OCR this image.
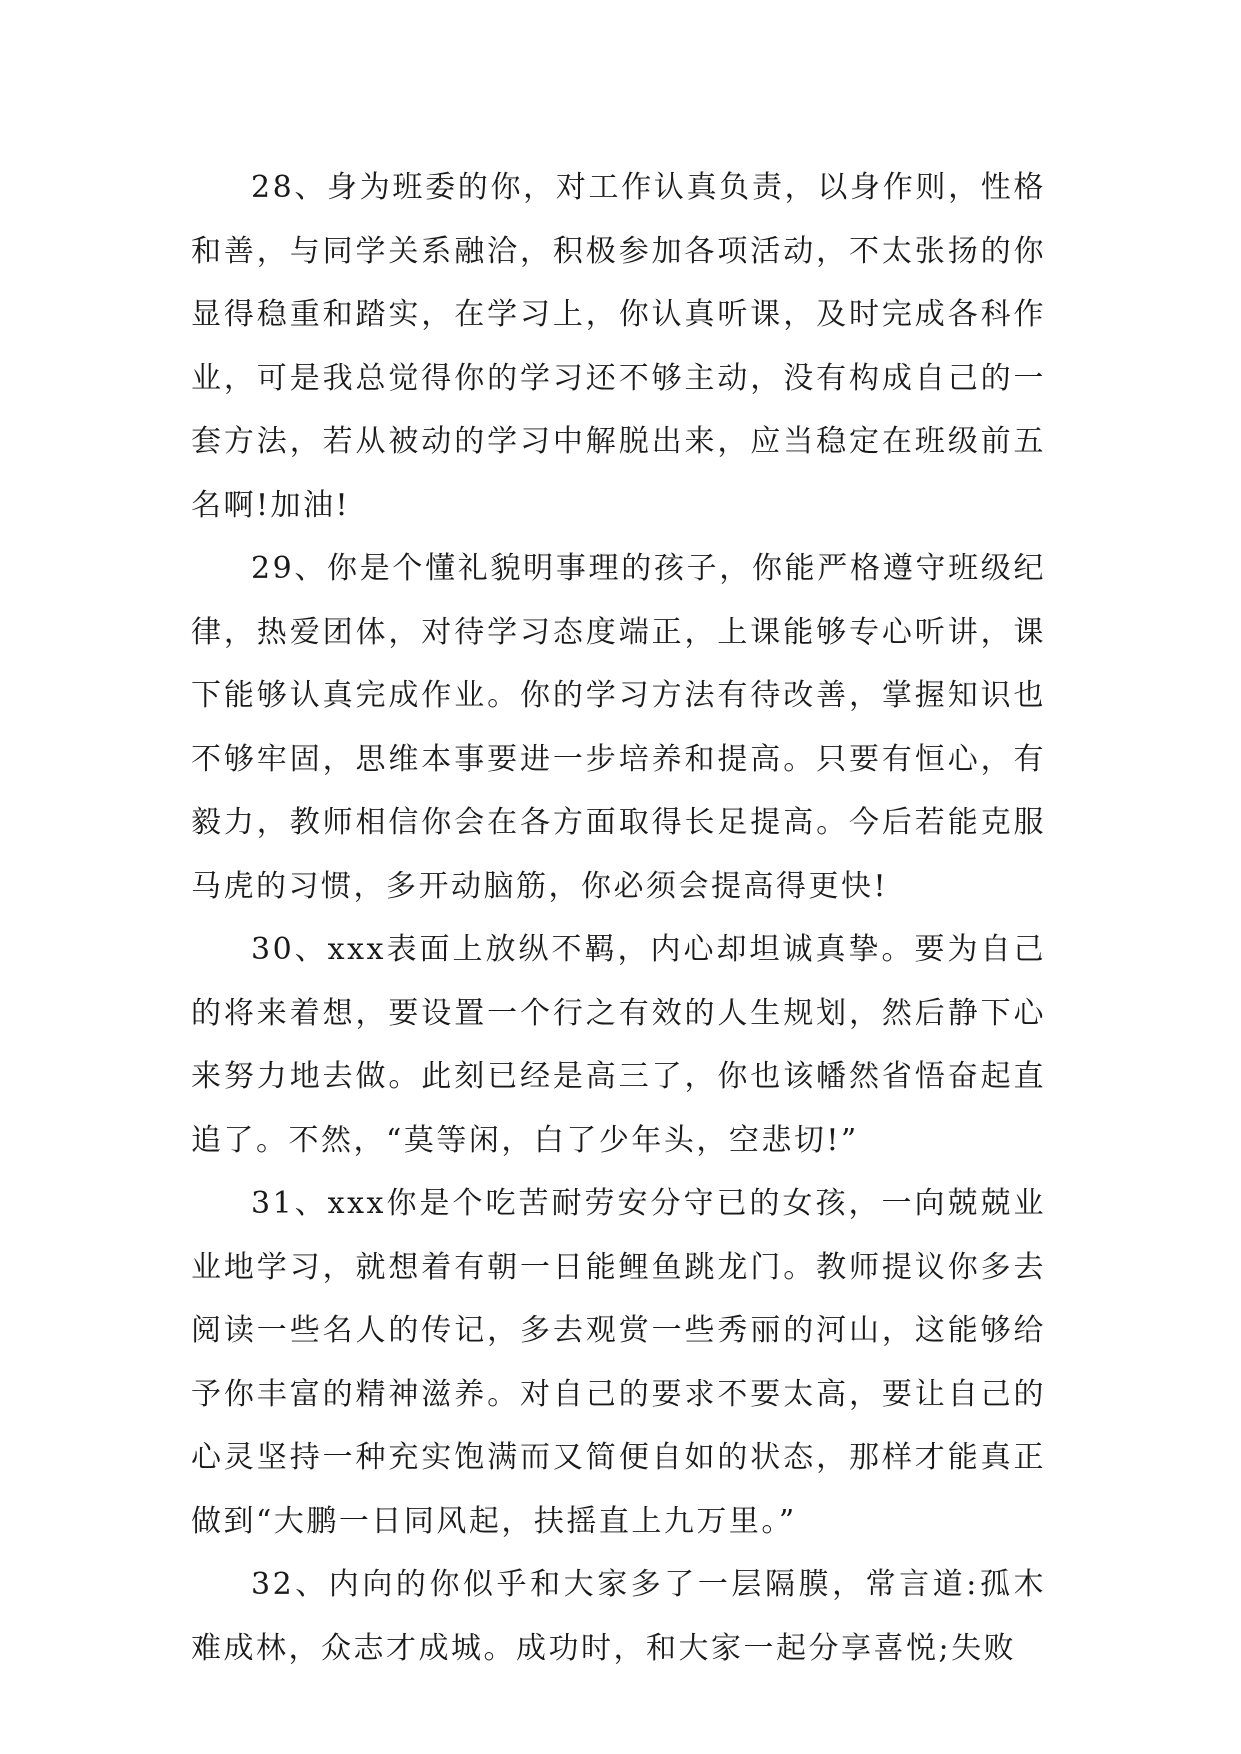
28、身为班委的你，对工作认真负责，以身作则，性格和善，与同学关系融洽，积极参加各项活动，不太张扬的你显得稳重和踏实，在学习上，你认真听课，及时完成各科作业，可是我总觉得你的学习还不够主动，没有构成自己的一套方法，若从被动的学习中解脱出来，应当稳定在班级前五名啊!加油!

29、你是个懂礼貌明事理的孩子，你能严格遵守班级纪律，热爱团体，对待学习态度端正，上课能够专心听讲，课下能够认真完成作业。你的学习方法有待改善，掌握知识也不够牢固，思维本事要进一步培养和提高。只要有恒心，有毅力，教师相信你会在各方面取得长足提高。今后若能克服马虎的习惯，多开动脑筋，你必须会提高得更快!

30、xxx表面上放纵不羁，内心却坦诚真挚。要为自己的将来着想，要设置一个行之有效的人生规划，然后静下心来努力地去做。此刻已经是高三了，你也该幡然省悟奋起直追了。不然，“莫等闲，白了少年头，空悲切!”

31、xxx你是个吃苦耐劳安分守已的女孩，一向兢兢业业地学习，就想着有朝一日能鲤鱼跳龙门。教师提议你多去阅读一些名人的传记，多去观赏一些秀丽的河山，这能够给予你丰富的精神滋养。对自己的要求不要太高，要让自己的心灵坚持一种充实饱满而又简便自如的状态，那样才能真正做到“大鹏一日同风起，扶摇直上九万里。”

32、内向的你似乎和大家多了一层隔膜，常言道:孤木难成林，众志才成城。成功时，和大家一起分享喜悦;失败
